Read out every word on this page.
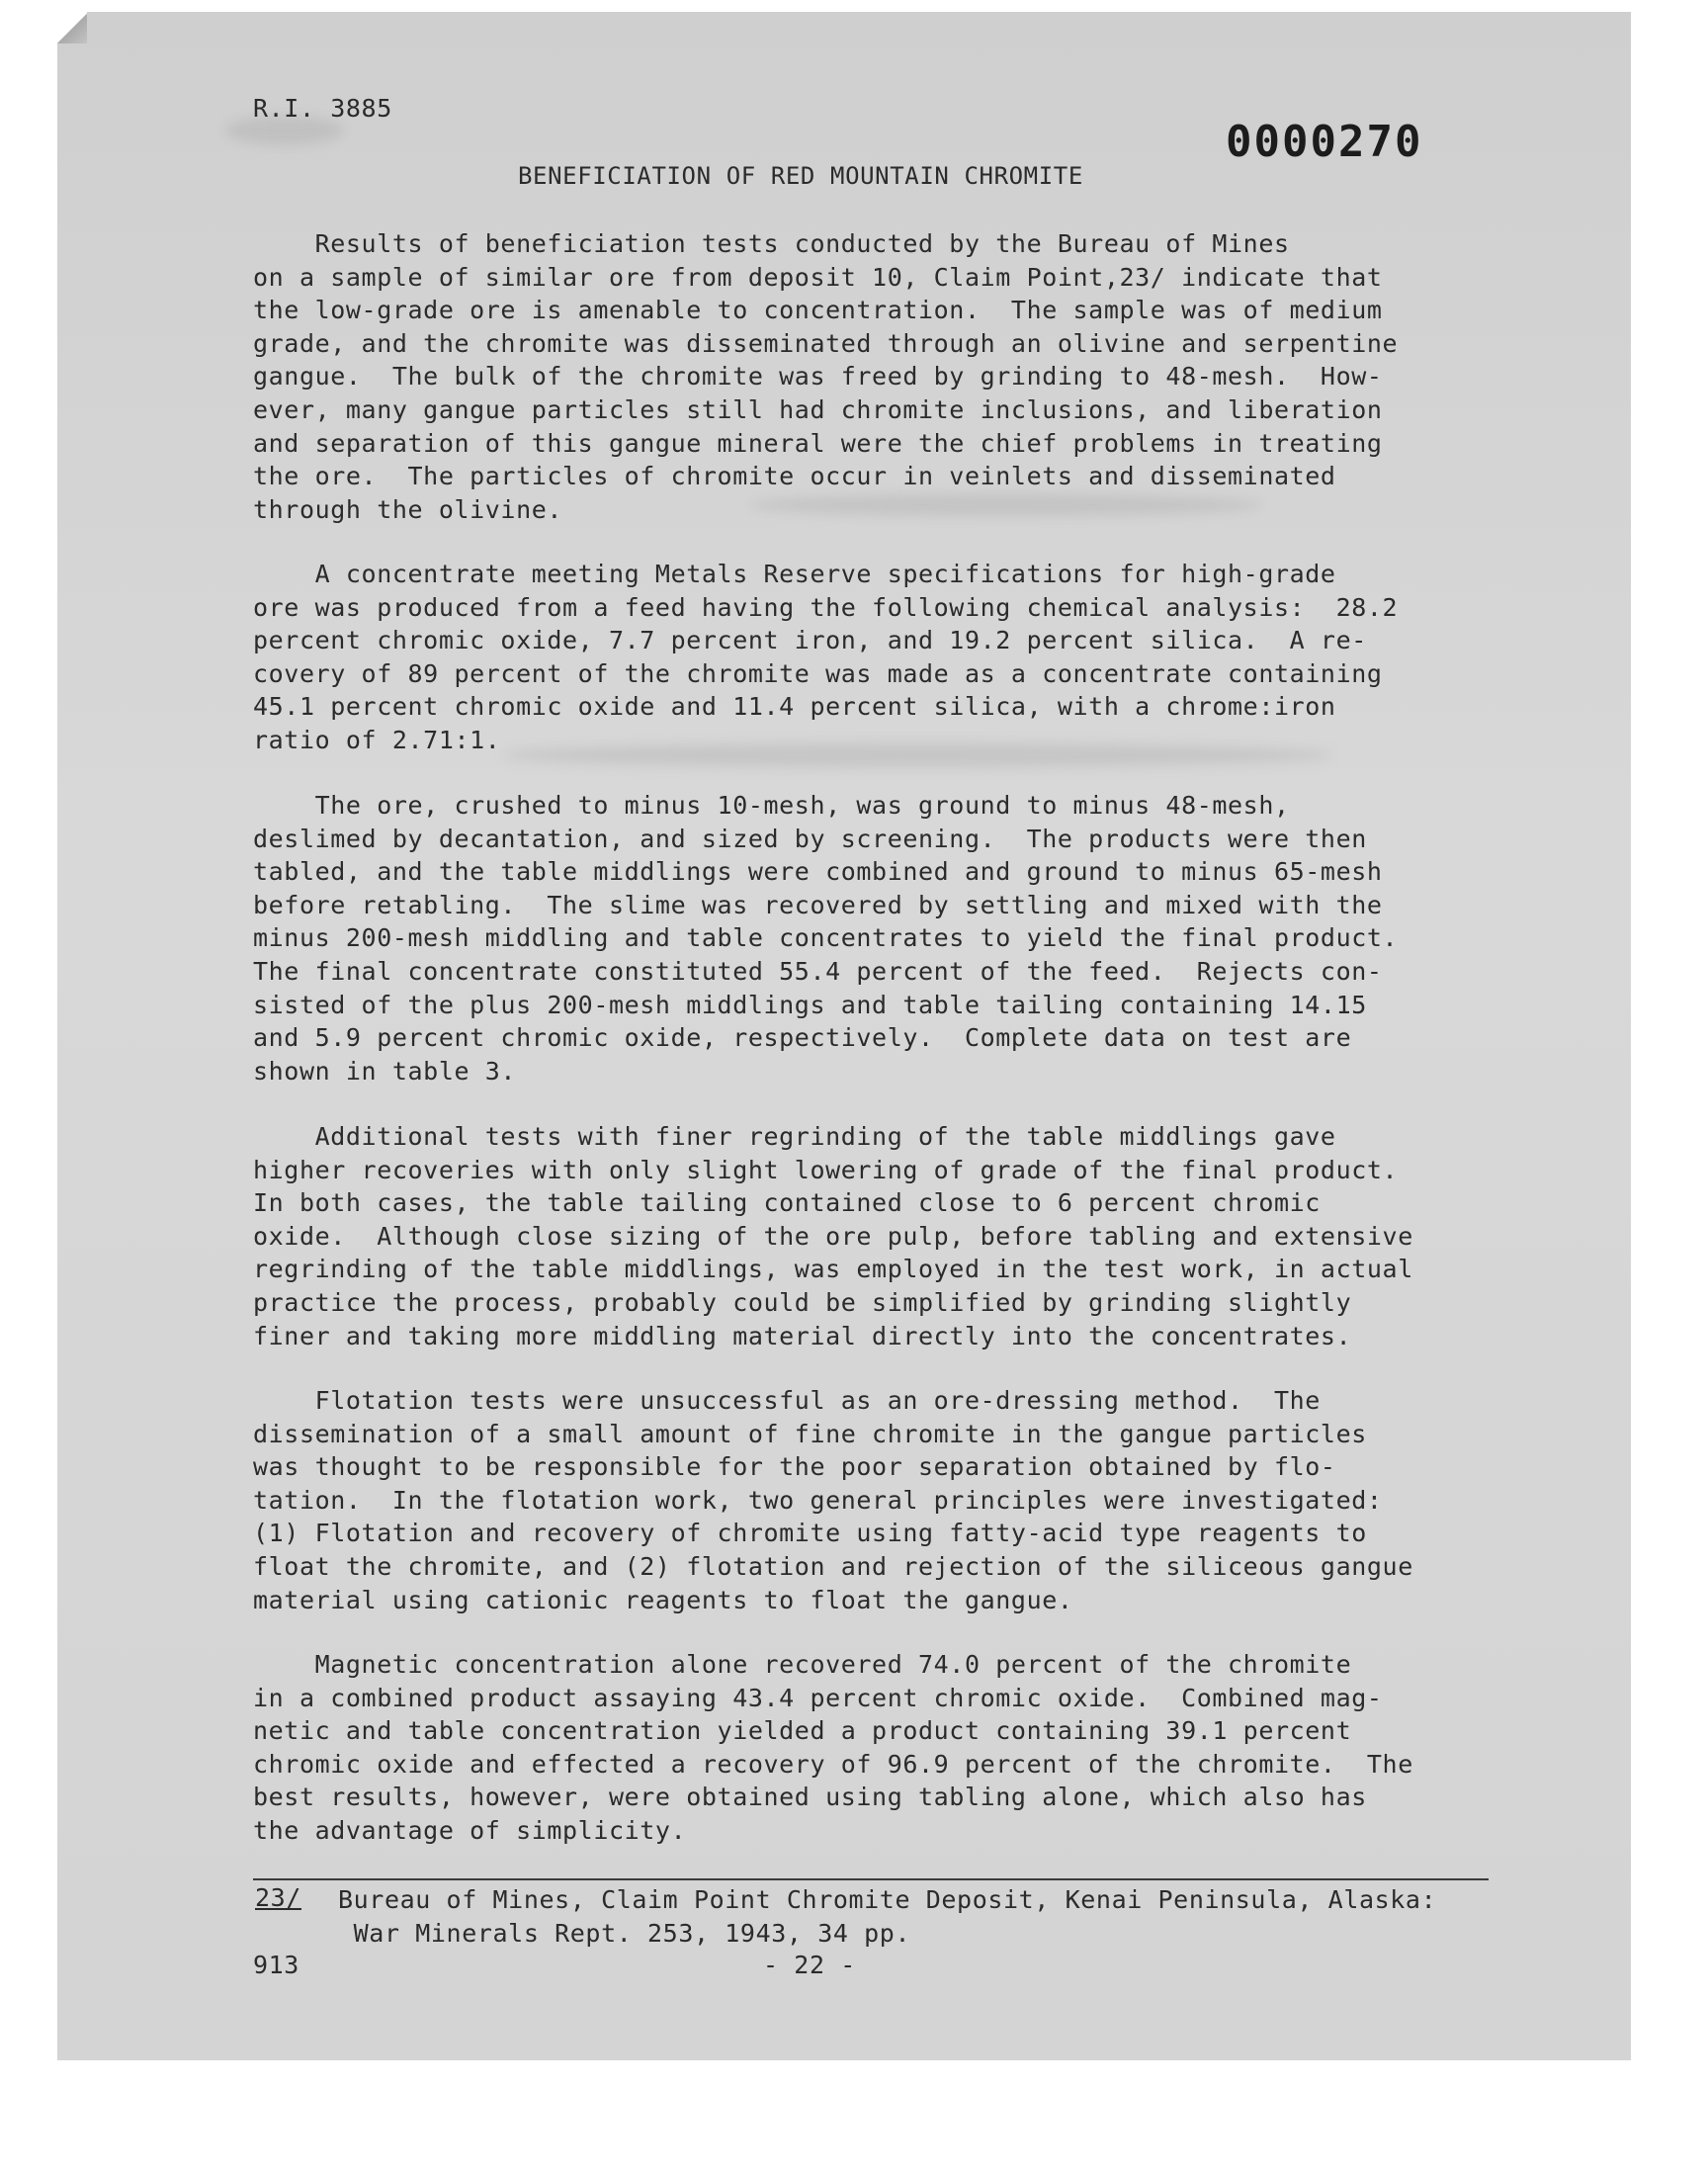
R.I. 3885
0000270
BENEFICIATION OF RED MOUNTAIN CHROMITE

Results of beneficiation tests conducted by the Bureau of Mines
on a sample of similar ore from deposit 10, Claim Point,23/ indicate that
the low-grade ore is amenable to concentration.  The sample was of medium
grade, and the chromite was disseminated through an olivine and serpentine
gangue.  The bulk of the chromite was freed by grinding to 48-mesh.  How-
ever, many gangue particles still had chromite inclusions, and liberation
and separation of this gangue mineral were the chief problems in treating
the ore.  The particles of chromite occur in veinlets and disseminated
through the olivine.

A concentrate meeting Metals Reserve specifications for high-grade
ore was produced from a feed having the following chemical analysis:  28.2
percent chromic oxide, 7.7 percent iron, and 19.2 percent silica.  A re-
covery of 89 percent of the chromite was made as a concentrate containing
45.1 percent chromic oxide and 11.4 percent silica, with a chrome:iron
ratio of 2.71:1.

The ore, crushed to minus 10-mesh, was ground to minus 48-mesh,
deslimed by decantation, and sized by screening.  The products were then
tabled, and the table middlings were combined and ground to minus 65-mesh
before retabling.  The slime was recovered by settling and mixed with the
minus 200-mesh middling and table concentrates to yield the final product.
The final concentrate constituted 55.4 percent of the feed.  Rejects con-
sisted of the plus 200-mesh middlings and table tailing containing 14.15
and 5.9 percent chromic oxide, respectively.  Complete data on test are
shown in table 3.

Additional tests with finer regrinding of the table middlings gave
higher recoveries with only slight lowering of grade of the final product.
In both cases, the table tailing contained close to 6 percent chromic
oxide.  Although close sizing of the ore pulp, before tabling and extensive
regrinding of the table middlings, was employed in the test work, in actual
practice the process, probably could be simplified by grinding slightly
finer and taking more middling material directly into the concentrates.

Flotation tests were unsuccessful as an ore-dressing method.  The
dissemination of a small amount of fine chromite in the gangue particles
was thought to be responsible for the poor separation obtained by flo-
tation.  In the flotation work, two general principles were investigated:
(1) Flotation and recovery of chromite using fatty-acid type reagents to
float the chromite, and (2) flotation and rejection of the siliceous gangue
material using cationic reagents to float the gangue.

Magnetic concentration alone recovered 74.0 percent of the chromite
in a combined product assaying 43.4 percent chromic oxide.  Combined mag-
netic and table concentration yielded a product containing 39.1 percent
chromic oxide and effected a recovery of 96.9 percent of the chromite.  The
best results, however, were obtained using tabling alone, which also has
the advantage of simplicity.

23/ Bureau of Mines, Claim Point Chromite Deposit, Kenai Peninsula, Alaska:
War Minerals Rept. 253, 1943, 34 pp.

913	- 22 -
